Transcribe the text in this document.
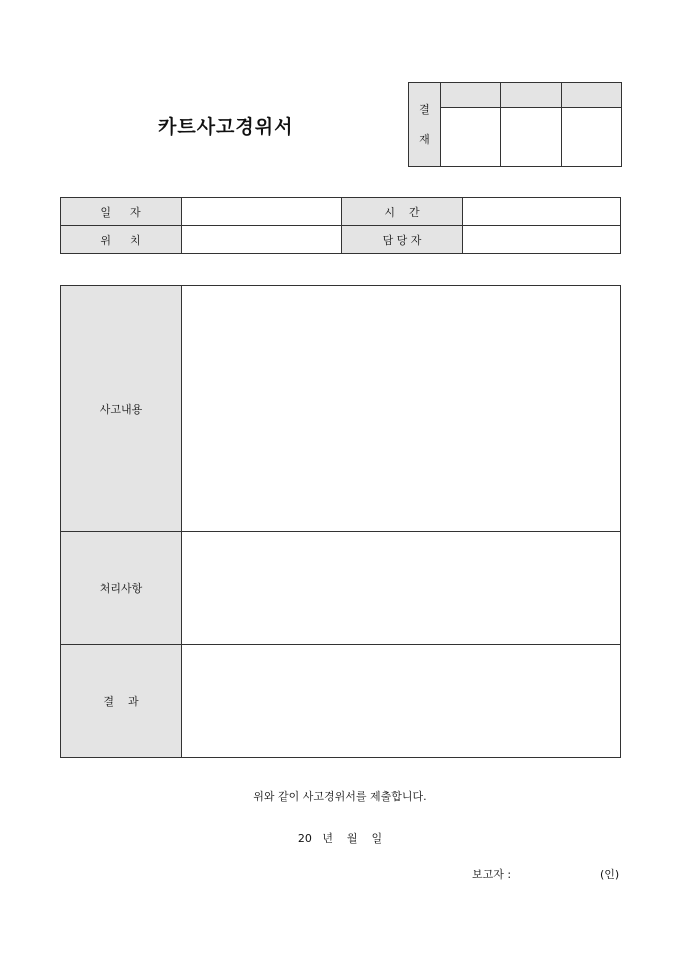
카트사고경위서
결
재			

일    자		시    간	
위    치		담 당 자	
사고내용	
처리사항	
결    과	
위와 같이 사고경위서를 제출합니다.
20   년    월    일
보고자 :	(인)
